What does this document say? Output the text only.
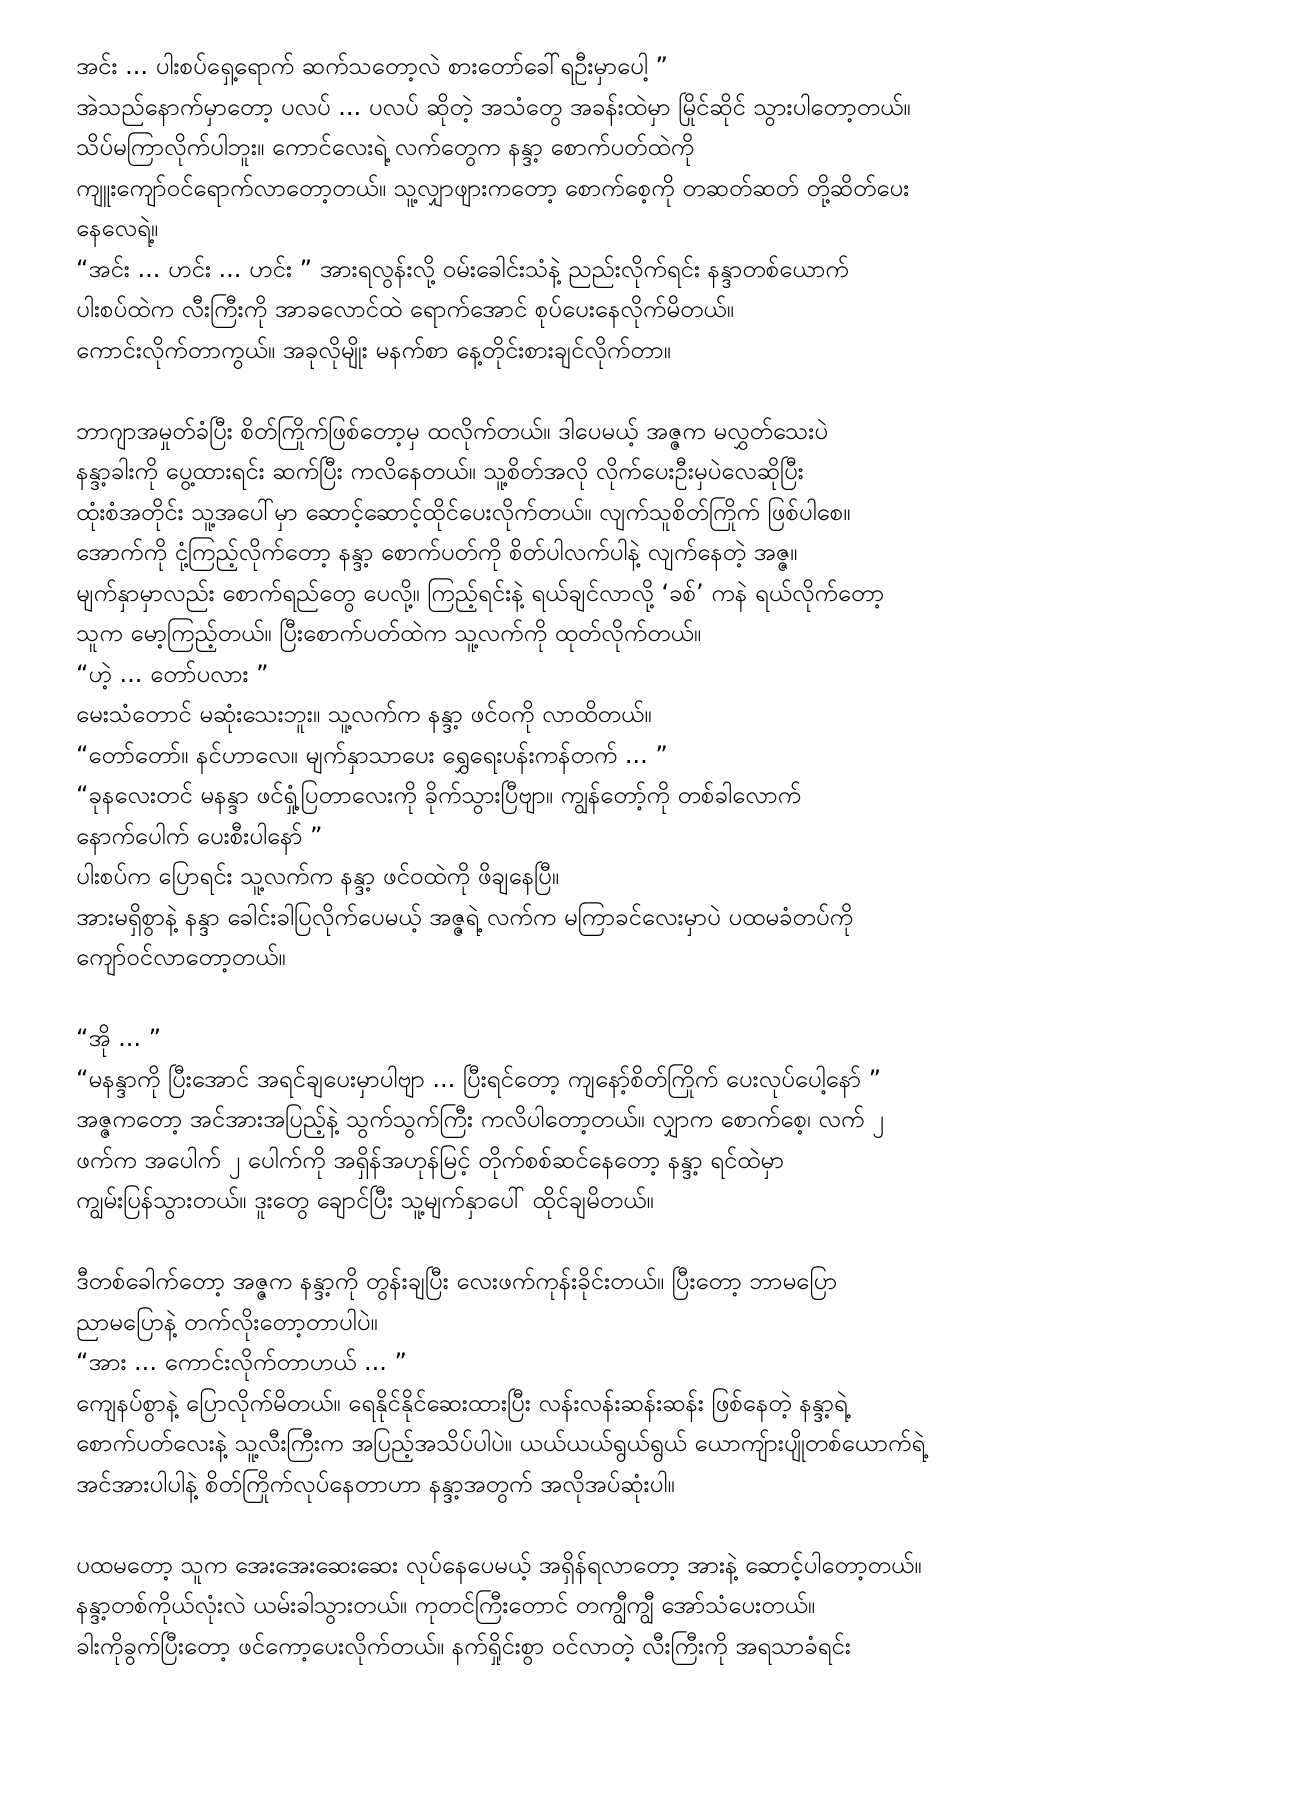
အင်း ... ပါးစပ်ရှေ့ရောက် ဆက်သတော့လဲ စားတော်ခေါ်ရဦးမှာပေါ့ ”
အဲသည်နောက်မှာတော့ ပလပ် ... ပလပ် ဆိုတဲ့ အသံတွေ အခန်းထဲမှာ မြိုင်ဆိုင် သွားပါတော့တယ်။
သိပ်မကြာလိုက်ပါဘူး။ ကောင်လေးရဲ့ လက်တွေက နန္ဒာ့ စောက်ပတ်ထဲကို
ကျူးကျော်ဝင်ရောက်လာတော့တယ်။ သူ့လျှာဖျားကတော့ စောက်စေ့ကို တဆတ်ဆတ် တို့ဆိတ်ပေး
နေလေရဲ့။
“အင်း ... ဟင်း ... ဟင်း ” အားရလွန်းလို့ ဝမ်းခေါင်းသံနဲ့ ညည်းလိုက်ရင်း နန္ဒာတစ်ယောက်
ပါးစပ်ထဲက လီးကြီးကို အာခလောင်ထဲ ရောက်အောင် စုပ်ပေးနေလိုက်မိတယ်။
ကောင်းလိုက်တာကွယ်။ အခုလိုမျိုး မနက်စာ နေ့တိုင်းစားချင်လိုက်တာ။
ဘာဂျာအမှုတ်ခံပြီး စိတ်ကြိုက်ဖြစ်တော့မှ ထလိုက်တယ်။ ဒါပေမယ့် အဇ္ဇက မလွှတ်သေးပဲ
နန္ဒာ့ခါးကို ပွေ့ထားရင်း ဆက်ပြီး ကလိနေတယ်။ သူ့စိတ်အလို လိုက်ပေးဦးမှပဲလေဆိုပြီး
ထုံးစံအတိုင်း သူ့အပေါ်မှာ ဆောင့်ဆောင့်ထိုင်ပေးလိုက်တယ်။ လျက်သူစိတ်ကြိုက် ဖြစ်ပါစေ။
အောက်ကို ငုံ့ကြည့်လိုက်တော့ နန္ဒာ့ စောက်ပတ်ကို စိတ်ပါလက်ပါနဲ့ လျက်နေတဲ့ အဇ္ဇ။
မျက်နှာမှာလည်း စောက်ရည်တွေ ပေလို့။ ကြည့်ရင်းနဲ့ ရယ်ချင်လာလို့ ‘ခစ်’ ကနဲ ရယ်လိုက်တော့
သူက မော့ကြည့်တယ်။ ပြီးစောက်ပတ်ထဲက သူ့လက်ကို ထုတ်လိုက်တယ်။
“ဟဲ့ ... တော်ပလား ”
မေးသံတောင် မဆုံးသေးဘူး။ သူ့လက်က နန္ဒာ့ ဖင်ဝကို လာထိတယ်။
“တော်တော်။ နင်ဟာလေ။ မျက်နှာသာပေး ရွှေရေးပန်းကန်တက် ... ”
“ခုနလေးတင် မနန္ဒာ ဖင်ရှုံ့ပြတာလေးကို ခိုက်သွားပြီဗျာ။ ကျွန်တော့်ကို တစ်ခါလောက်
နောက်ပေါက် ပေးစီးပါနော် ”
ပါးစပ်က ပြောရင်း သူ့လက်က နန္ဒာ့ ဖင်ဝထဲကို ဖိချနေပြီ။
အားမရှိစွာနဲ့ နန္ဒာ ခေါင်းခါပြလိုက်ပေမယ့် အဇ္ဇရဲ့ လက်က မကြာခင်လေးမှာပဲ ပထမခံတပ်ကို
ကျော်ဝင်လာတော့တယ်။
“အို ... ”
“မနန္ဒာကို ပြီးအောင် အရင်ချပေးမှာပါဗျာ ... ပြီးရင်တော့ ကျနော့်စိတ်ကြိုက် ပေးလုပ်ပေါ့နော် ”
အဇ္ဇကတော့ အင်အားအပြည့်နဲ့ သွက်သွက်ကြီး ကလိပါတော့တယ်။ လျှာက စောက်စေ့၊ လက် ၂
ဖက်က အပေါက် ၂ ပေါက်ကို အရှိန်အဟုန်မြင့် တိုက်စစ်ဆင်နေတော့ နန္ဒာ့ ရင်ထဲမှာ
ကျွမ်းပြန်သွားတယ်။ ဒူးတွေ ချောင်ပြီး သူ့မျက်နှာပေါ် ထိုင်ချမိတယ်။
ဒီတစ်ခေါက်တော့ အဇ္ဇက နန္ဒာ့ကို တွန်းချပြီး လေးဖက်ကုန်းခိုင်းတယ်။ ပြီးတော့ ဘာမပြော
ညာမပြောနဲ့ တက်လိုးတော့တာပါပဲ။
“အား ... ကောင်းလိုက်တာဟယ် ... ”
ကျေနပ်စွာနဲ့ ပြောလိုက်မိတယ်။ ရေနိုင်နိုင်ဆေးထားပြီး လန်းလန်းဆန်းဆန်း ဖြစ်နေတဲ့ နန္ဒာ့ရဲ့
စောက်ပတ်လေးနဲ့ သူ့လီးကြီးက အပြည့်အသိပ်ပါပဲ။ ယယ်ယယ်ရွယ်ရွယ် ယောကျ်ားပျိုတစ်ယောက်ရဲ့
အင်အားပါပါနဲ့ စိတ်ကြိုက်လုပ်နေတာဟာ နန္ဒာ့အတွက် အလိုအပ်ဆုံးပါ။
ပထမတော့ သူက အေးအေးဆေးဆေး လုပ်နေပေမယ့် အရှိန်ရလာတော့ အားနဲ့ ဆောင့်ပါတော့တယ်။
နန္ဒာ့တစ်ကိုယ်လုံးလဲ ယမ်းခါသွားတယ်။ ကုတင်ကြီးတောင် တကျွီကျွီ အော်သံပေးတယ်။
ခါးကိုခွက်ပြီးတော့ ဖင်ကော့ပေးလိုက်တယ်။ နက်ရှိုင်းစွာ ဝင်လာတဲ့ လီးကြီးကို အရသာခံရင်း
